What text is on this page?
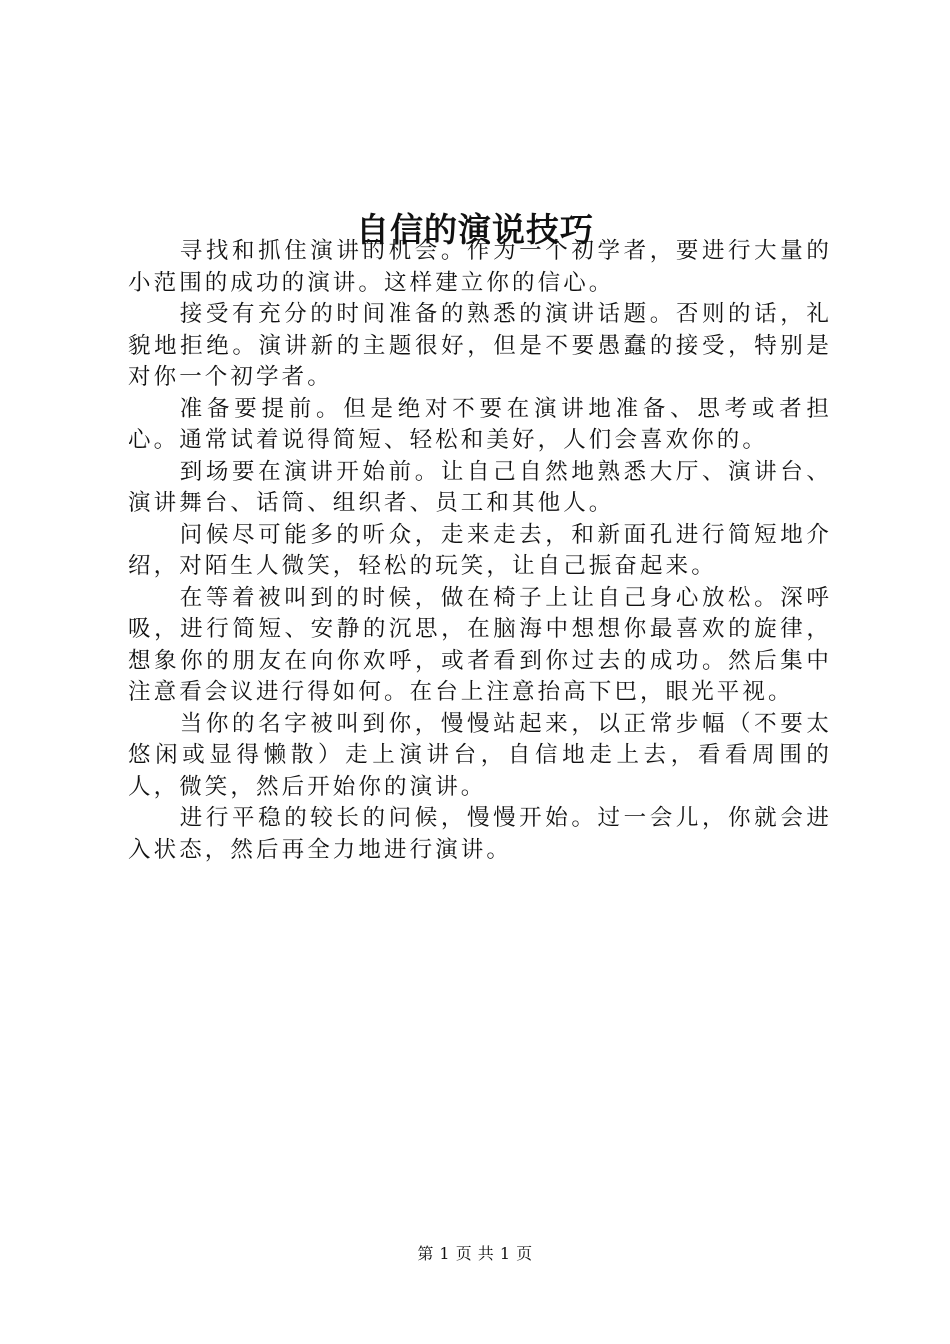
自信的演说技巧

寻找和抓住演讲的机会。作为一个初学者，要进行大量的小范围的成功的演讲。这样建立你的信心。

接受有充分的时间准备的熟悉的演讲话题。否则的话，礼貌地拒绝。演讲新的主题很好，但是不要愚蠢的接受，特别是对你一个初学者。

准备要提前。但是绝对不要在演讲地准备、思考或者担心。通常试着说得简短、轻松和美好，人们会喜欢你的。

到场要在演讲开始前。让自己自然地熟悉大厅、演讲台、演讲舞台、话筒、组织者、员工和其他人。

问候尽可能多的听众，走来走去，和新面孔进行简短地介绍，对陌生人微笑，轻松的玩笑，让自己振奋起来。

在等着被叫到的时候，做在椅子上让自己身心放松。深呼吸，进行简短、安静的沉思，在脑海中想想你最喜欢的旋律，想象你的朋友在向你欢呼，或者看到你过去的成功。然后集中注意看会议进行得如何。在台上注意抬高下巴，眼光平视。

当你的名字被叫到你，慢慢站起来，以正常步幅（不要太悠闲或显得懒散）走上演讲台，自信地走上去，看看周围的人，微笑，然后开始你的演讲。

进行平稳的较长的问候，慢慢开始。过一会儿，你就会进入状态，然后再全力地进行演讲。

第 1 页 共 1 页
